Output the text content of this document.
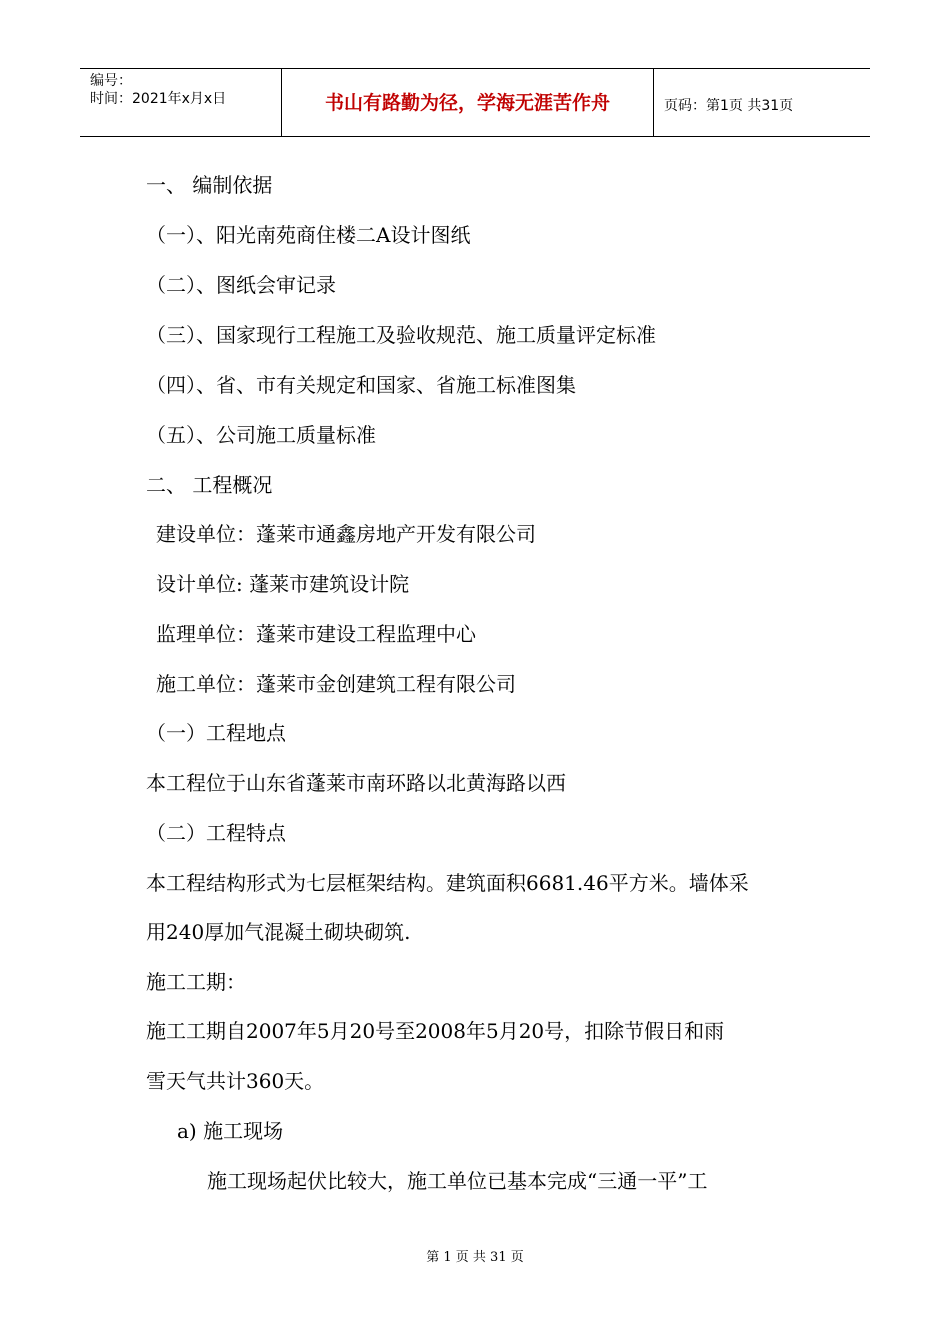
编号：
时间：2021年x月x日	书山有路勤为径，学海无涯苦作舟	页码：第1页 共31页
一、 编制依据
（一）、阳光南苑商住楼二A设计图纸
（二）、图纸会审记录
（三）、国家现行工程施工及验收规范、施工质量评定标准
（四）、省、市有关规定和国家、省施工标准图集
（五）、公司施工质量标准
二、 工程概况
建设单位：蓬莱市通鑫房地产开发有限公司
设计单位: 蓬莱市建筑设计院
监理单位：蓬莱市建设工程监理中心
施工单位：蓬莱市金创建筑工程有限公司
（一）工程地点
本工程位于山东省蓬莱市南环路以北黄海路以西
（二）工程特点
本工程结构形式为七层框架结构。建筑面积6681.46平方米。墙体采
用240厚加气混凝土砌块砌筑.
施工工期：
施工工期自2007年5月20号至2008年5月20号，扣除节假日和雨
雪天气共计360天。
a) 施工现场
施工现场起伏比较大，施工单位已基本完成“三通一平”工
第 1 页 共 31 页
